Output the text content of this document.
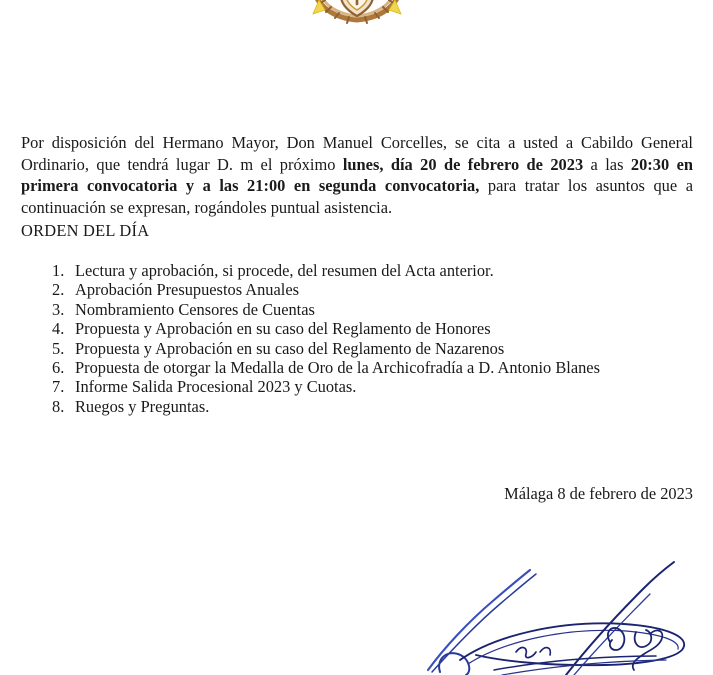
Por disposición del Hermano Mayor, Don Manuel Corcelles, se cita a usted a Cabildo General Ordinario, que tendrá lugar D. m el próximo lunes, día 20 de febrero de 2023 a las 20:30 en primera convocatoria y a las 21:00 en segunda convocatoria, para tratar los asuntos que a continuación se expresan, rogándoles puntual asistencia.

ORDEN DEL DÍA
1. Lectura y aprobación, si procede, del resumen del Acta anterior.
2. Aprobación Presupuestos Anuales
3. Nombramiento Censores de Cuentas
4. Propuesta y Aprobación en su caso del Reglamento de Honores
5. Propuesta y Aprobación en su caso del Reglamento de Nazarenos
6. Propuesta de otorgar la Medalla de Oro de la Archicofradía a D. Antonio Blanes
7. Informe Salida Procesional 2023 y Cuotas.
8. Ruegos y Preguntas.
Málaga 8 de febrero de 2023
